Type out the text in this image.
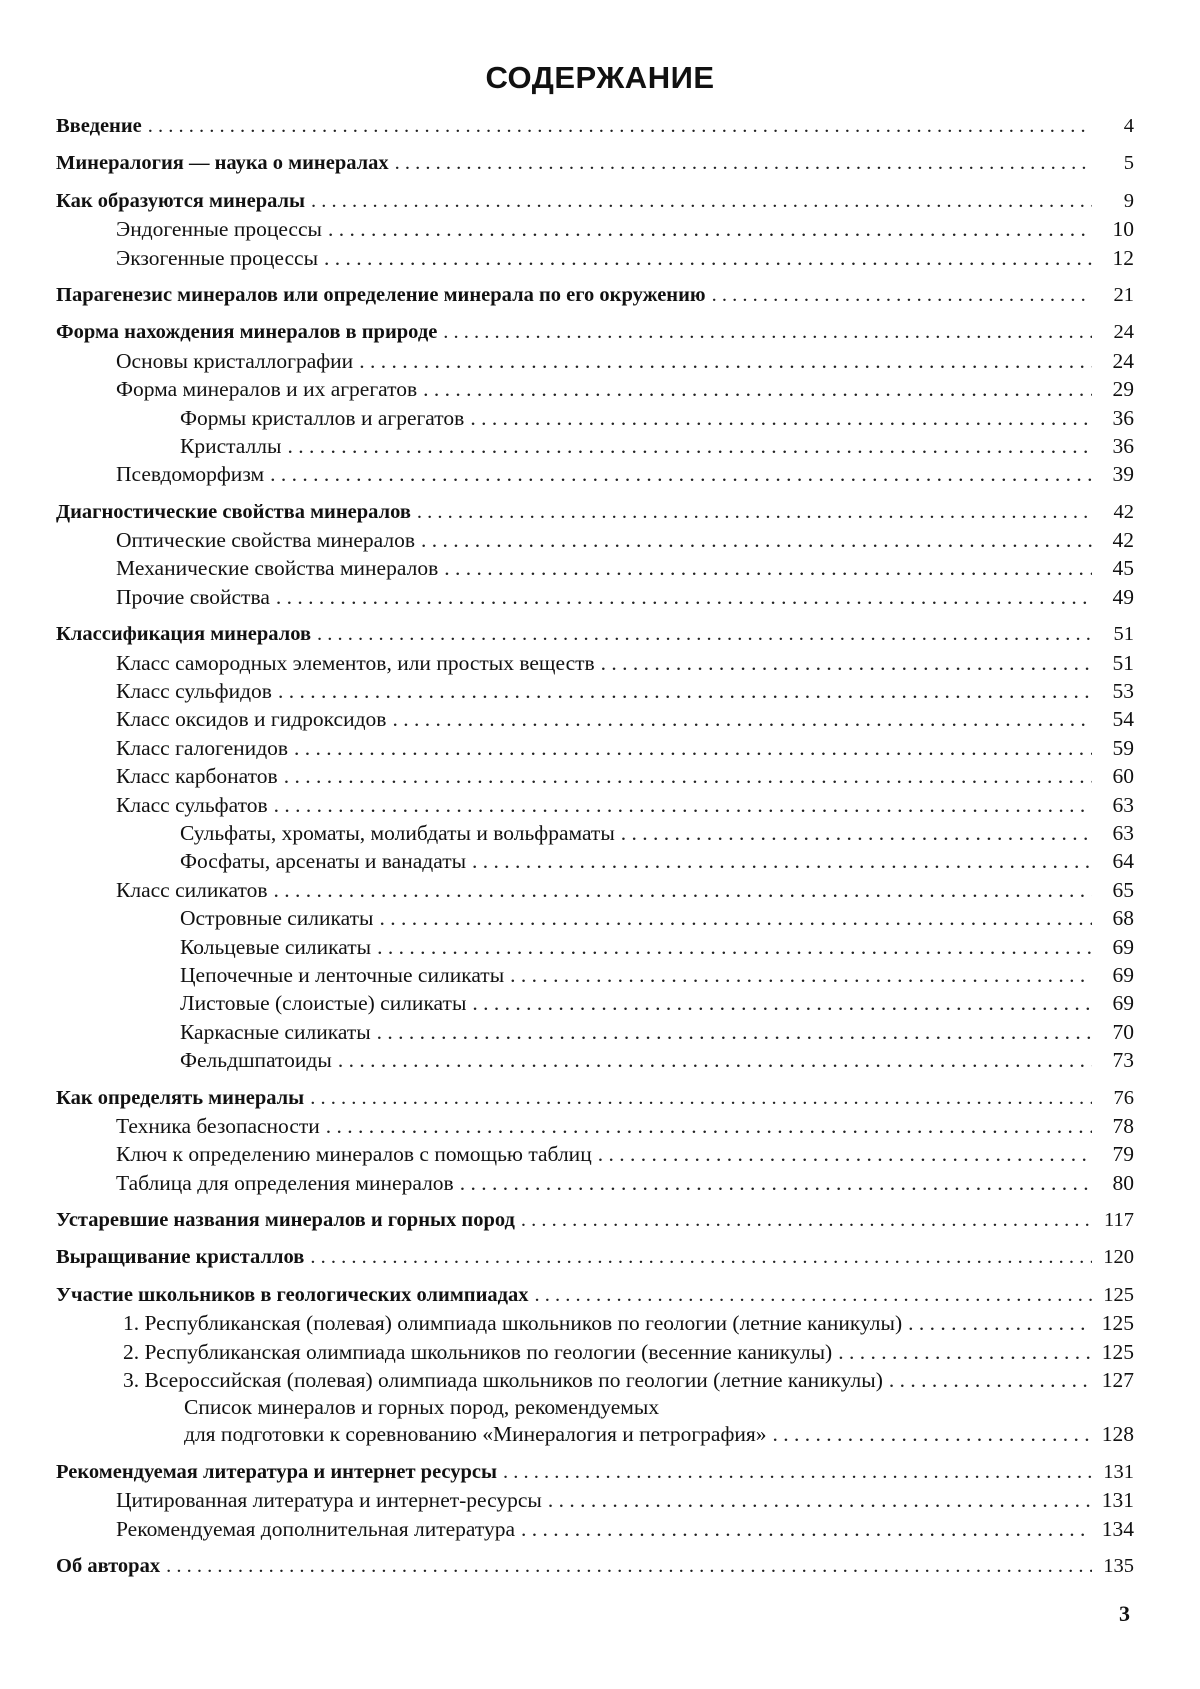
СОДЕРЖАНИЕ
Введение
. . .	4
Минералогия — наука о минералах
. . .	5
Как образуются минералы
. . .	9
Эндогенные процессы
. . .	10
Экзогенные процессы
. . .	12
Парагенезис минералов или определение минерала по его окружению
. . .	21
Форма нахождения минералов в природе
. . .	24
Основы кристаллографии
. . .	24
Форма минералов и их агрегатов
. . .	29
Формы кристаллов и агрегатов
. . .	36
Кристаллы
. . .	36
Псевдоморфизм
. . .	39
Диагностические свойства минералов
. . .	42
Оптические свойства минералов
. . .	42
Механические свойства минералов
. . .	45
Прочие свойства
. . .	49
Классификация минералов
. . .	51
Класс самородных элементов, или простых веществ
. . .	51
Класс сульфидов
. . .	53
Класс оксидов и гидроксидов
. . .	54
Класс галогенидов
. . .	59
Класс карбонатов
. . .	60
Класс сульфатов
. . .	63
Сульфаты, хроматы, молибдаты и вольфраматы
. . .	63
Фосфаты, арсенаты и ванадаты
. . .	64
Класс силикатов
. . .	65
Островные силикаты
. . .	68
Кольцевые силикаты
. . .	69
Цепочечные и ленточные силикаты
. . .	69
Листовые (слоистые) силикаты
. . .	69
Каркасные силикаты
. . .	70
Фельдшпатоиды
. . .	73
Как определять минералы
. . .	76
Техника безопасности
. . .	78
Ключ к определению минералов с помощью таблиц
. . .	79
Таблица для определения минералов
. . .	80
Устаревшие названия минералов и горных пород
. . .	117
Выращивание кристаллов
. . .	120
Участие школьников в геологических олимпиадах
. . .	125
1. Республиканская (полевая) олимпиада школьников по геологии (летние каникулы)
. . .	125
2. Республиканская олимпиада школьников по геологии (весенние каникулы)
. . .	125
3. Всероссийская (полевая) олимпиада школьников по геологии (летние каникулы)
. . .	127
Список минералов и горных пород, рекомендуемых
для подготовки к соревнованию «Минералогия и петрография»
. . .	128
Рекомендуемая литература и интернет ресурсы
. . .	131
Цитированная литература и интернет-ресурсы
. . .	131
Рекомендуемая дополнительная литература
. . .	134
Об авторах
. . .	135
3
